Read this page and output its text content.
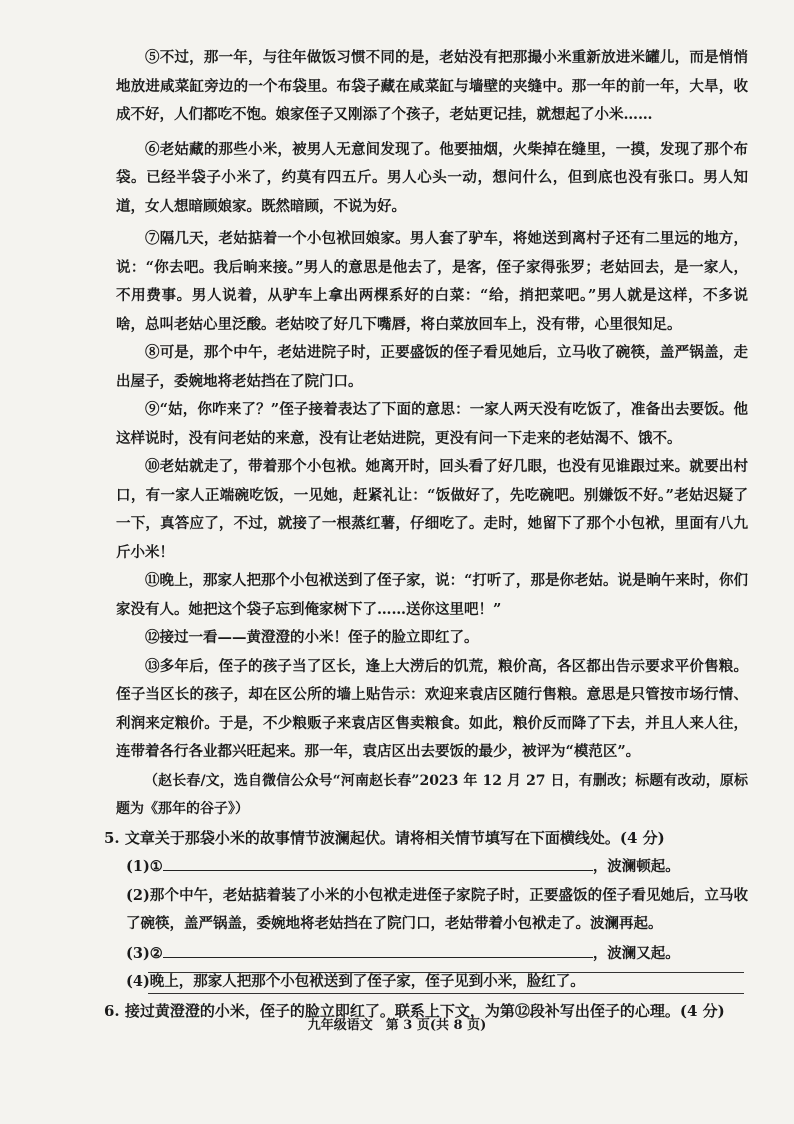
⑤不过，那一年，与往年做饭习惯不同的是，老姑没有把那撮小米重新放进米罐儿，而是悄悄地放进咸菜缸旁边的一个布袋里。布袋子藏在咸菜缸与墙壁的夹缝中。那一年的前一年，大旱，收成不好，人们都吃不饱。娘家侄子又刚添了个孩子，老姑更记挂，就想起了小米……

⑥老姑藏的那些小米，被男人无意间发现了。他要抽烟，火柴掉在缝里，一摸，发现了那个布袋。已经半袋子小米了，约莫有四五斤。男人心头一动，想问什么，但到底也没有张口。男人知道，女人想暗顾娘家。既然暗顾，不说为好。

⑦隔几天，老姑掂着一个小包袱回娘家。男人套了驴车，将她送到离村子还有二里远的地方，说：“你去吧。我后晌来接。”男人的意思是他去了，是客，侄子家得张罗；老姑回去，是一家人，不用费事。男人说着，从驴车上拿出两棵系好的白菜：“给，捎把菜吧。”男人就是这样，不多说啥，总叫老姑心里泛酸。老姑咬了好几下嘴唇，将白菜放回车上，没有带，心里很知足。

⑧可是，那个中午，老姑进院子时，正要盛饭的侄子看见她后，立马收了碗筷，盖严锅盖，走出屋子，委婉地将老姑挡在了院门口。

⑨“姑，你咋来了？”侄子接着表达了下面的意思：一家人两天没有吃饭了，准备出去要饭。他这样说时，没有问老姑的来意，没有让老姑进院，更没有问一下走来的老姑渴不、饿不。

⑩老姑就走了，带着那个小包袱。她离开时，回头看了好几眼，也没有见谁跟过来。就要出村口，有一家人正端碗吃饭，一见她，赶紧礼让：“饭做好了，先吃碗吧。别嫌饭不好。”老姑迟疑了一下，真答应了，不过，就接了一根蒸红薯，仔细吃了。走时，她留下了那个小包袱，里面有八九斤小米！

⑪晚上，那家人把那个小包袱送到了侄子家，说：“打听了，那是你老姑。说是晌午来时，你们家没有人。她把这个袋子忘到俺家树下了……送你这里吧！”

⑫接过一看——黄澄澄的小米！侄子的脸立即红了。

⑬多年后，侄子的孩子当了区长，逢上大涝后的饥荒，粮价高，各区都出告示要求平价售粮。侄子当区长的孩子，却在区公所的墙上贴告示：欢迎来袁店区随行售粮。意思是只管按市场行情、利润来定粮价。于是，不少粮贩子来袁店区售卖粮食。如此，粮价反而降了下去，并且人来人往，连带着各行各业都兴旺起来。那一年，袁店区出去要饭的最少，被评为“模范区”。

（赵长春/文，选自微信公众号“河南赵长春”2023 年 12 月 27 日，有删改；标题有改动，原标题为《那年的谷子》）

5. 文章关于那袋小米的故事情节波澜起伏。请将相关情节填写在下面横线处。(4 分)

(1)①	，波澜顿起。

(2)那个中午，老姑掂着装了小米的小包袱走进侄子家院子时，正要盛饭的侄子看见她后，立马收了碗筷，盖严锅盖，委婉地将老姑挡在了院门口，老姑带着小包袱走了。波澜再起。

(3)②	，波澜又起。

(4)晚上，那家人把那个小包袱送到了侄子家，侄子见到小米，脸红了。

6. 接过黄澄澄的小米，侄子的脸立即红了。联系上下文，为第⑫段补写出侄子的心理。(4 分)

九年级语文　第 3 页(共 8 页)
